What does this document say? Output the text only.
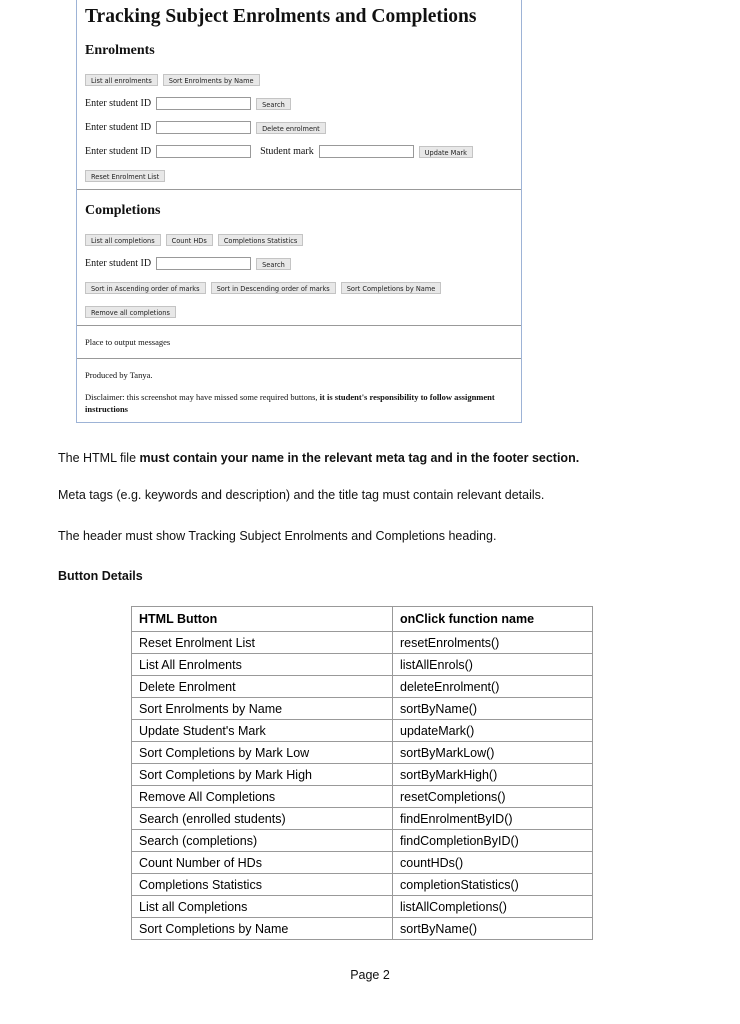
Tracking Subject Enrolments and Completions
Enrolments
List all enrolments	Sort Enrolments by Name
Enter student ID	Search
Enter student ID	Delete enrolment
Enter student ID	Student mark	Update Mark
Reset Enrolment List
Completions
List all completions	Count HDs	Completions Statistics
Enter student ID	Search
Sort in Ascending order of marks	Sort in Descending order of marks	Sort Completions by Name
Remove all completions
Place to output messages
Produced by Tanya.
Disclaimer: this screenshot may have missed some required buttons, it is student's responsibility to follow assignment instructions
The HTML file must contain your name in the relevant meta tag and in the footer section.
Meta tags (e.g. keywords and description) and the title tag must contain relevant details.
The header must show Tracking Subject Enrolments and Completions heading.
Button Details
HTML Button	onClick function name
Reset Enrolment List	resetEnrolments()
List All Enrolments	listAllEnrols()
Delete Enrolment	deleteEnrolment()
Sort Enrolments by Name	sortByName()
Update Student's Mark	updateMark()
Sort Completions by Mark Low	sortByMarkLow()
Sort Completions by Mark High	sortByMarkHigh()
Remove All Completions	resetCompletions()
Search (enrolled students)	findEnrolmentByID()
Search (completions)	findCompletionByID()
Count Number of HDs	countHDs()
Completions Statistics	completionStatistics()
List all Completions	listAllCompletions()
Sort Completions by Name	sortByName()
Page 2
